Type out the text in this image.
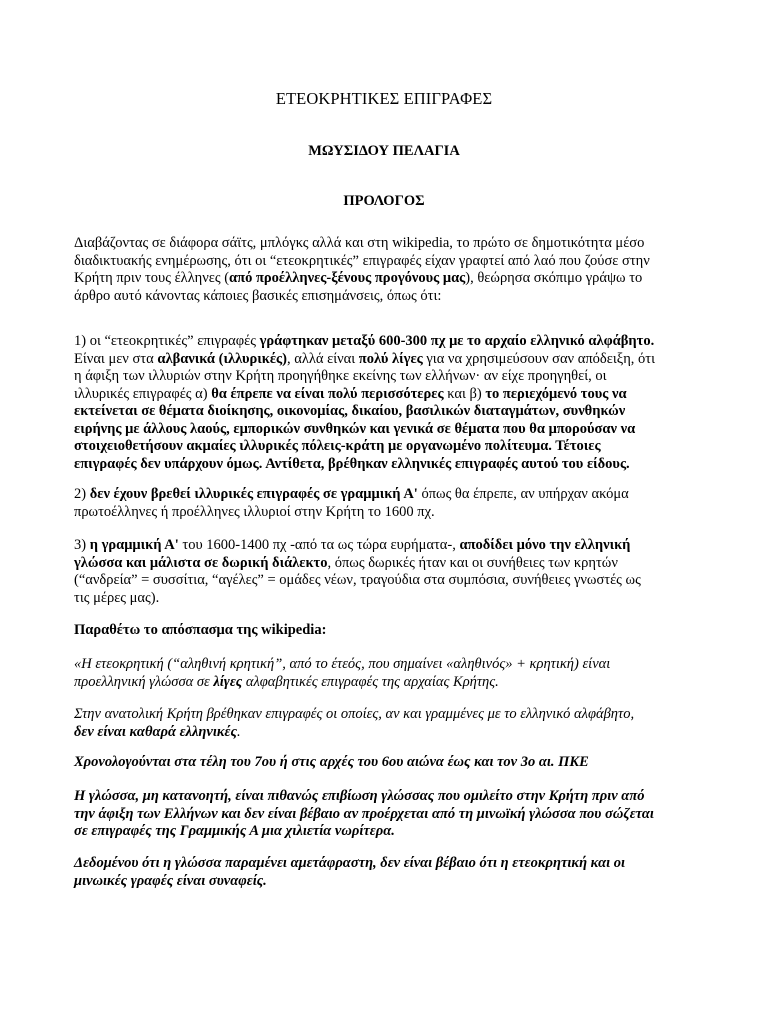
ΕΤΕΟΚΡΗΤΙΚΕΣ ΕΠΙΓΡΑΦΕΣ
ΜΩΥΣΙΔΟΥ ΠΕΛΑΓΙΑ
ΠΡΟΛΟΓΟΣ

Διαβάζοντας σε διάφορα σάϊτς, μπλόγκς αλλά και στη wikipedia, το πρώτο σε δημοτικότητα μέσο
διαδικτυακής ενημέρωσης, ότι οι “ετεοκρητικές” επιγραφές είχαν γραφτεί από λαό που ζούσε στην
Κρήτη πριν τους έλληνες (από προέλληνες-ξένους προγόνους μας), θεώρησα σκόπιμο γράψω το
άρθρο αυτό κάνοντας κάποιες βασικές επισημάνσεις, όπως ότι:

1) οι “ετεοκρητικές” επιγραφές γράφτηκαν μεταξύ 600-300 πχ με το αρχαίο ελληνικό αλφάβητο.
Είναι μεν στα αλβανικά (ιλλυρικές), αλλά είναι πολύ λίγες για να χρησιμεύσουν σαν απόδειξη, ότι
η άφιξη των ιλλυριών στην Κρήτη προηγήθηκε εκείνης των ελλήνων· αν είχε προηγηθεί, οι
ιλλυρικές επιγραφές α) θα έπρεπε να είναι πολύ περισσότερες και β) το περιεχόμενό τους να
εκτείνεται σε θέματα διοίκησης, οικονομίας, δικαίου, βασιλικών διαταγμάτων, συνθηκών
ειρήνης με άλλους λαούς, εμπορικών συνθηκών και γενικά σε θέματα που θα μπορούσαν να
στοιχειοθετήσουν ακμαίες ιλλυρικές πόλεις-κράτη με οργανωμένο πολίτευμα. Τέτοιες
επιγραφές δεν υπάρχουν όμως. Αντίθετα, βρέθηκαν ελληνικές επιγραφές αυτού του είδους.

2) δεν έχουν βρεθεί ιλλυρικές επιγραφές σε γραμμική Α' όπως θα έπρεπε, αν υπήρχαν ακόμα
πρωτοέλληνες ή προέλληνες ιλλυριοί στην Κρήτη το 1600 πχ.

3) η γραμμική Α' του 1600-1400 πχ -από τα ως τώρα ευρήματα-, αποδίδει μόνο την ελληνική
γλώσσα και μάλιστα σε δωρική διάλεκτο, όπως δωρικές ήταν και οι συνήθειες των κρητών
(“ανδρεία” = συσσίτια, “αγέλες” = ομάδες νέων, τραγούδια στα συμπόσια, συνήθειες γνωστές ως
τις μέρες μας).

Παραθέτω το απόσπασμα της wikipedia:

«Η ετεοκρητική (“αληθινή κρητική”, από το έτεός, που σημαίνει «αληθινός» + κρητική) είναι
προελληνική γλώσσα σε λίγες αλφαβητικές επιγραφές της αρχαίας Κρήτης.

Στην ανατολική Κρήτη βρέθηκαν επιγραφές οι οποίες, αν και γραμμένες με το ελληνικό αλφάβητο,
δεν είναι καθαρά ελληνικές.

Χρονολογούνται στα τέλη του 7ου ή στις αρχές του 6ου αιώνα έως και τον 3ο αι. ΠΚΕ

Η γλώσσα, μη κατανοητή, είναι πιθανώς επιβίωση γλώσσας που ομιλείτο στην Κρήτη πριν από
την άφιξη των Ελλήνων και δεν είναι βέβαιο αν προέρχεται από τη μινωϊκή γλώσσα που σώζεται
σε επιγραφές της Γραμμικής Α μια χιλιετία νωρίτερα.

Δεδομένου ότι η γλώσσα παραμένει αμετάφραστη, δεν είναι βέβαιο ότι η ετεοκρητική και οι
μινωικές γραφές είναι συναφείς.
